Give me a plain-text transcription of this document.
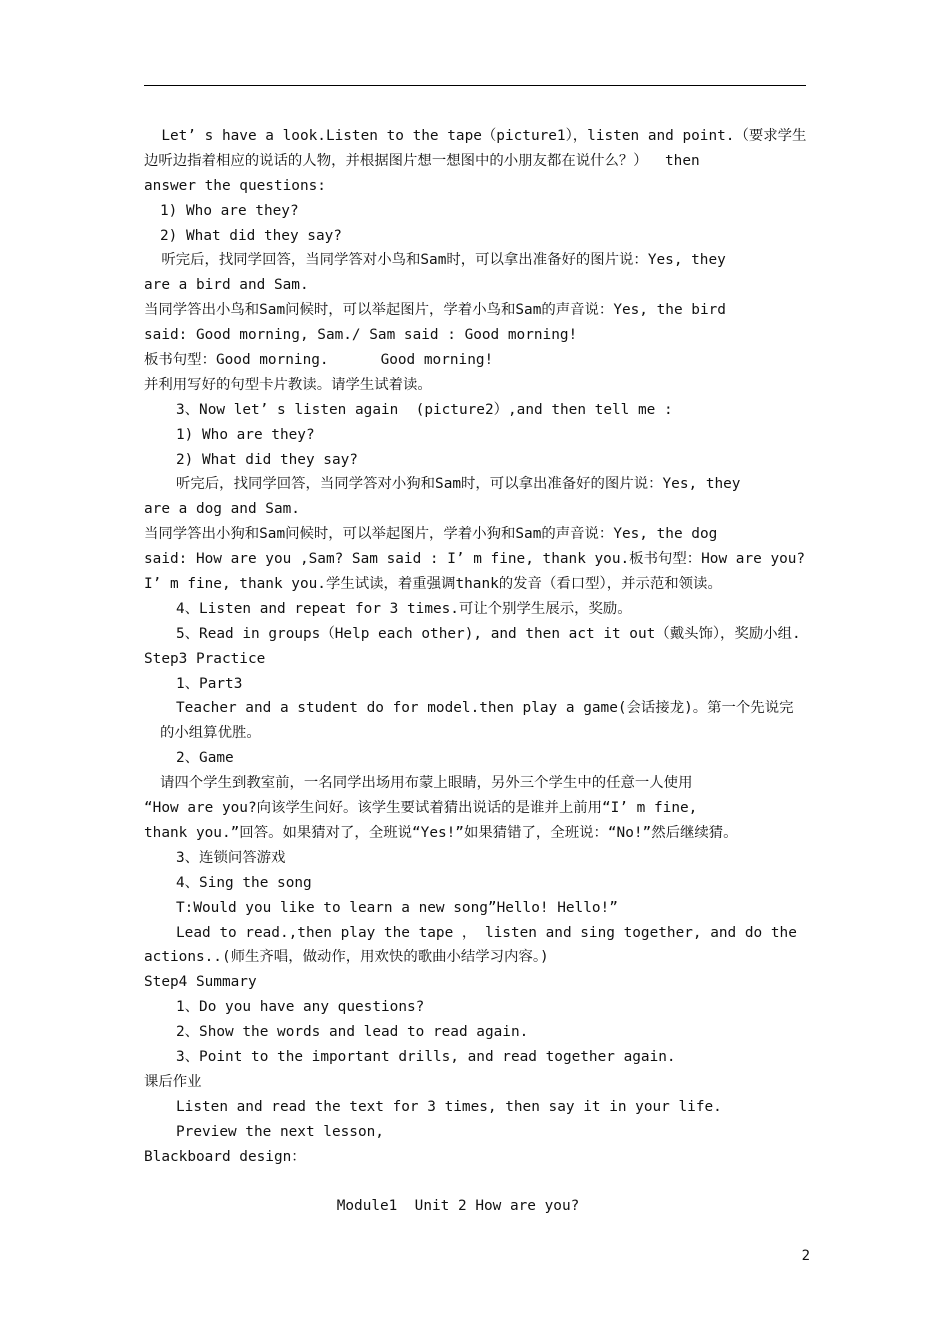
Let’ s have a look.Listen to the tape（picture1），listen and point.（要求学生
边听边指着相应的说话的人物，并根据图片想一想图中的小朋友都在说什么？）  then
answer the questions:
1) Who are they?
2) What did they say?
听完后，找同学回答，当同学答对小鸟和Sam时，可以拿出准备好的图片说：Yes, they
are a bird and Sam.
当同学答出小鸟和Sam问候时，可以举起图片，学着小鸟和Sam的声音说：Yes, the bird
said: Good morning, Sam./ Sam said : Good morning!
板书句型：Good morning.      Good morning!
并利用写好的句型卡片教读。请学生试着读。
3、Now let’ s listen again  (picture2）,and then tell me :
1) Who are they?
2) What did they say?
听完后，找同学回答，当同学答对小狗和Sam时，可以拿出准备好的图片说：Yes, they
are a dog and Sam.
当同学答出小狗和Sam问候时，可以举起图片，学着小狗和Sam的声音说：Yes, the dog
said: How are you ,Sam? Sam said : I’ m fine, thank you.板书句型：How are you?
I’ m fine, thank you.学生试读，着重强调thank的发音（看口型），并示范和领读。
4、Listen and repeat for 3 times.可让个别学生展示，奖励。
5、Read in groups（Help each other), and then act it out（戴头饰），奖励小组.
Step3 Practice
1、Part3
Teacher and a student do for model.then play a game(会话接龙)。第一个先说完
的小组算优胜。
2、Game
请四个学生到教室前，一名同学出场用布蒙上眼睛，另外三个学生中的任意一人使用
“How are you?向该学生问好。该学生要试着猜出说话的是谁并上前用“I’ m fine,
thank you.”回答。如果猜对了，全班说“Yes!”如果猜错了，全班说：“No!”然后继续猜。
3、连锁问答游戏
4、Sing the song
T:Would you like to learn a new song”Hello! Hello!”
Lead to read.,then play the tape ， listen and sing together, and do the
actions..(师生齐唱，做动作，用欢快的歌曲小结学习内容。)
Step4 Summary
1、Do you have any questions?
2、Show the words and lead to read again.
3、Point to the important drills, and read together again.
课后作业
Listen and read the text for 3 times, then say it in your life.
Preview the next lesson,
Blackboard design：
Module1  Unit 2 How are you?
2
